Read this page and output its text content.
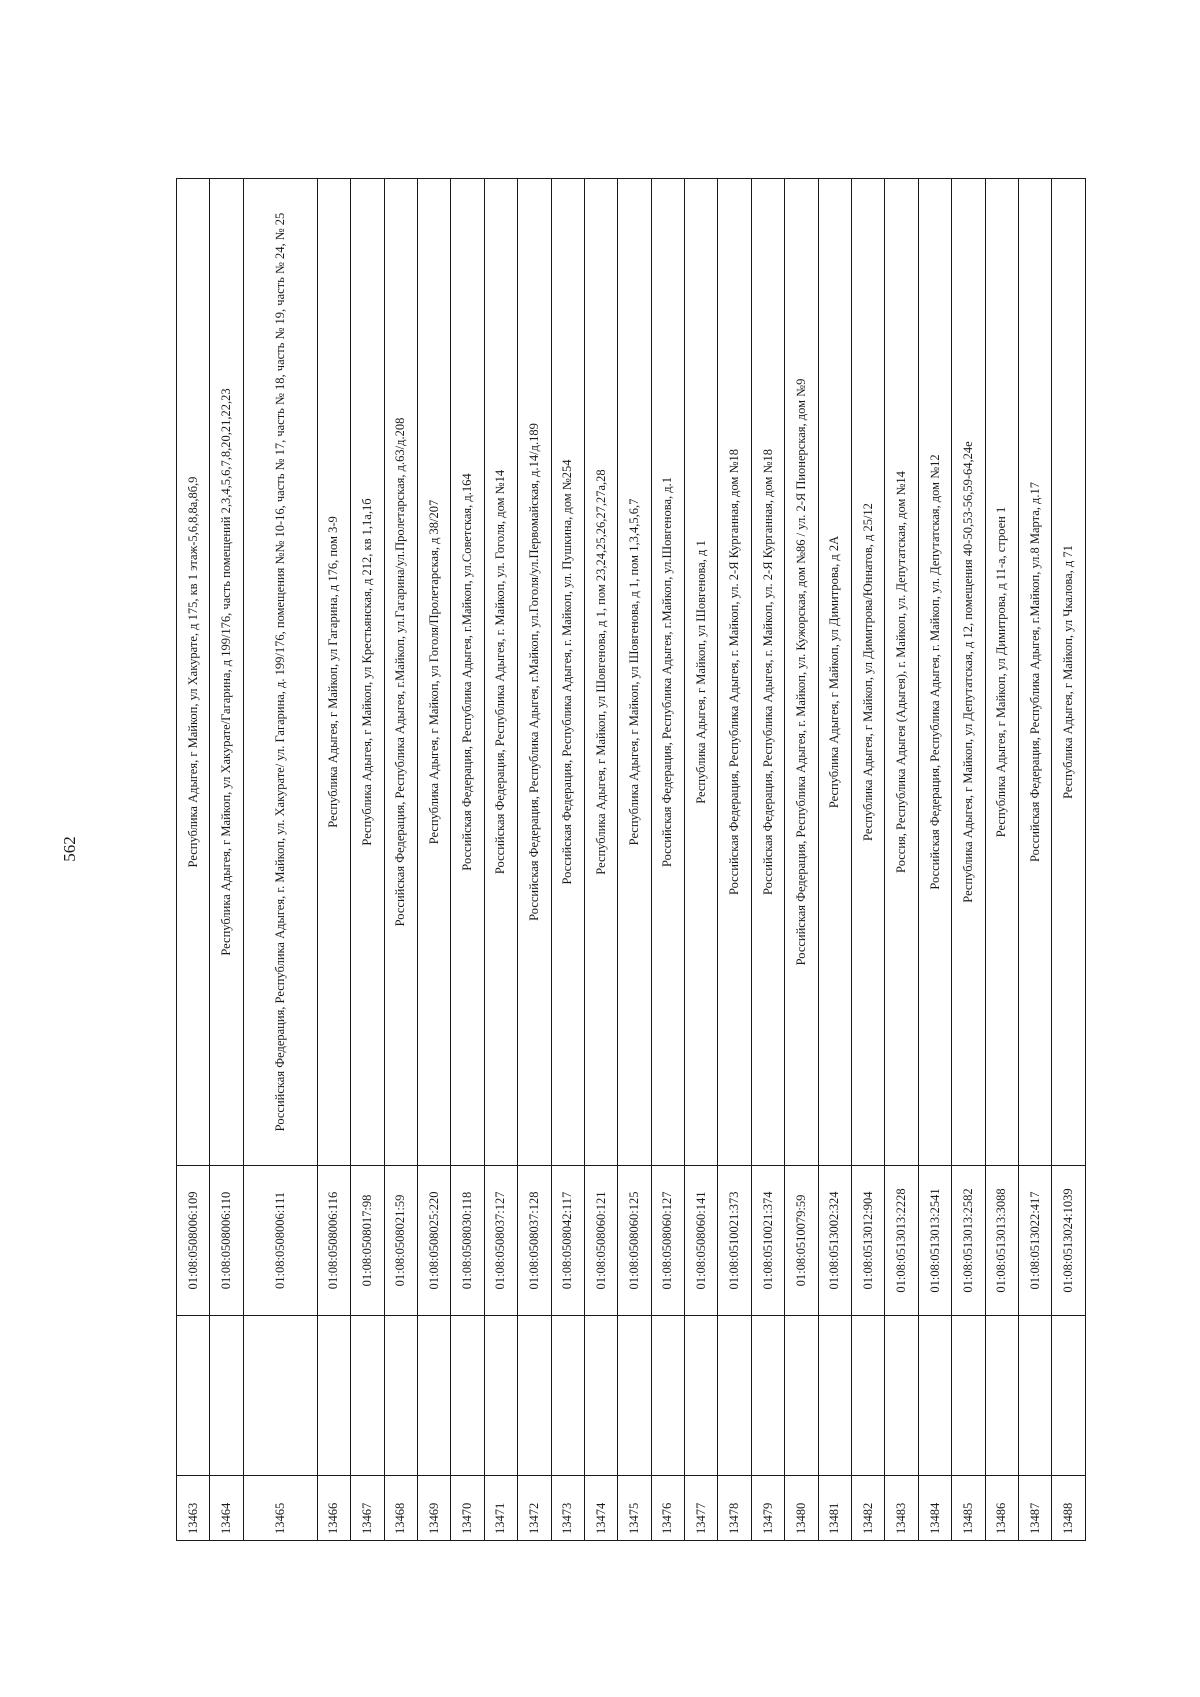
562
13463		01:08:0508006:109	Республика Адыгея, г Майкоп, ул Хакурате, д 175, кв 1 этаж-5,6,8,8а,8б,9
13464		01:08:0508006:110	Республика Адыгея, г Майкоп, ул Хакурате/Гагарина, д 199/176, часть помещений 2,3,4,5,6,7,8,20,21,22,23
13465		01:08:0508006:111	Российская Федерация, Республика Адыгея, г. Майкоп, ул. Хакурате/ ул. Гагарина, д. 199/176, помещения №№ 10-16, часть № 17, часть № 18, часть № 19, часть № 24, № 25
13466		01:08:0508006:116	Республика Адыгея, г Майкоп, ул Гагарина, д 176, пом 3-9
13467		01:08:0508017:98	Республика Адыгея, г Майкоп, ул Крестьянская, д 212, кв 1,1а,1б
13468		01:08:0508021:59	Российская Федерация, Республика Адыгея, г.Майкоп, ул.Гагарина/ул.Пролетарская, д.63/д.208
13469		01:08:0508025:220	Республика Адыгея, г Майкоп, ул Гоголя/Пролетарская, д 38/207
13470		01:08:0508030:118	Российская Федерация, Республика Адыгея, г.Майкоп, ул.Советская, д.164
13471		01:08:0508037:127	Российская Федерация, Республика Адыгея, г. Майкоп, ул. Гоголя, дом №14
13472		01:08:0508037:128	Российская Федерация, Республика Адыгея, г.Майкоп, ул.Гоголя/ул.Первомайская, д.14/д.189
13473		01:08:0508042:117	Российская Федерация, Республика Адыгея, г. Майкоп, ул. Пушкина, дом №254
13474		01:08:0508060:121	Республика Адыгея, г Майкоп, ул Шовгенова, д 1, пом 23,24,25,26,27,27а,28
13475		01:08:0508060:125	Республика Адыгея, г Майкоп, ул Шовгенова, д 1, пом 1,3,4,5,6,7
13476		01:08:0508060:127	Российская Федерация, Республика Адыгея, г.Майкоп, ул.Шовгенова, д.1
13477		01:08:0508060:141	Республика Адыгея, г Майкоп, ул Шовгенова, д 1
13478		01:08:0510021:373	Российская Федерация, Республика Адыгея, г. Майкоп, ул. 2-Я Курганная, дом №18
13479		01:08:0510021:374	Российская Федерация, Республика Адыгея, г. Майкоп, ул. 2-Я Курганная, дом №18
13480		01:08:0510079:59	Российская Федерация, Республика Адыгея, г. Майкоп, ул. Кужорская, дом №86 / ул. 2-Я Пионерская, дом №9
13481		01:08:0513002:324	Республика Адыгея, г Майкоп, ул Димитрова, д 2А
13482		01:08:0513012:904	Республика Адыгея, г Майкоп, ул Димитрова/Юннатов, д 25/12
13483		01:08:0513013:2228	Россия, Республика Адыгея (Адыгея), г. Майкоп, ул. Депутатская, дом №14
13484		01:08:0513013:2541	Российская Федерация, Республика Адыгея, г. Майкоп, ул. Депутатская, дом №12
13485		01:08:0513013:2582	Республика Адыгея, г Майкоп, ул Депутатская, д 12, помещения 40-50,53-56,59-64,24е
13486		01:08:0513013:3088	Республика Адыгея, г Майкоп, ул Димитрова, д 11-а, строен 1
13487		01:08:0513022:417	Российская Федерация, Республика Адыгея, г.Майкоп, ул.8 Марта, д.17
13488		01:08:0513024:1039	Республика Адыгея, г Майкоп, ул Чкалова, д 71
